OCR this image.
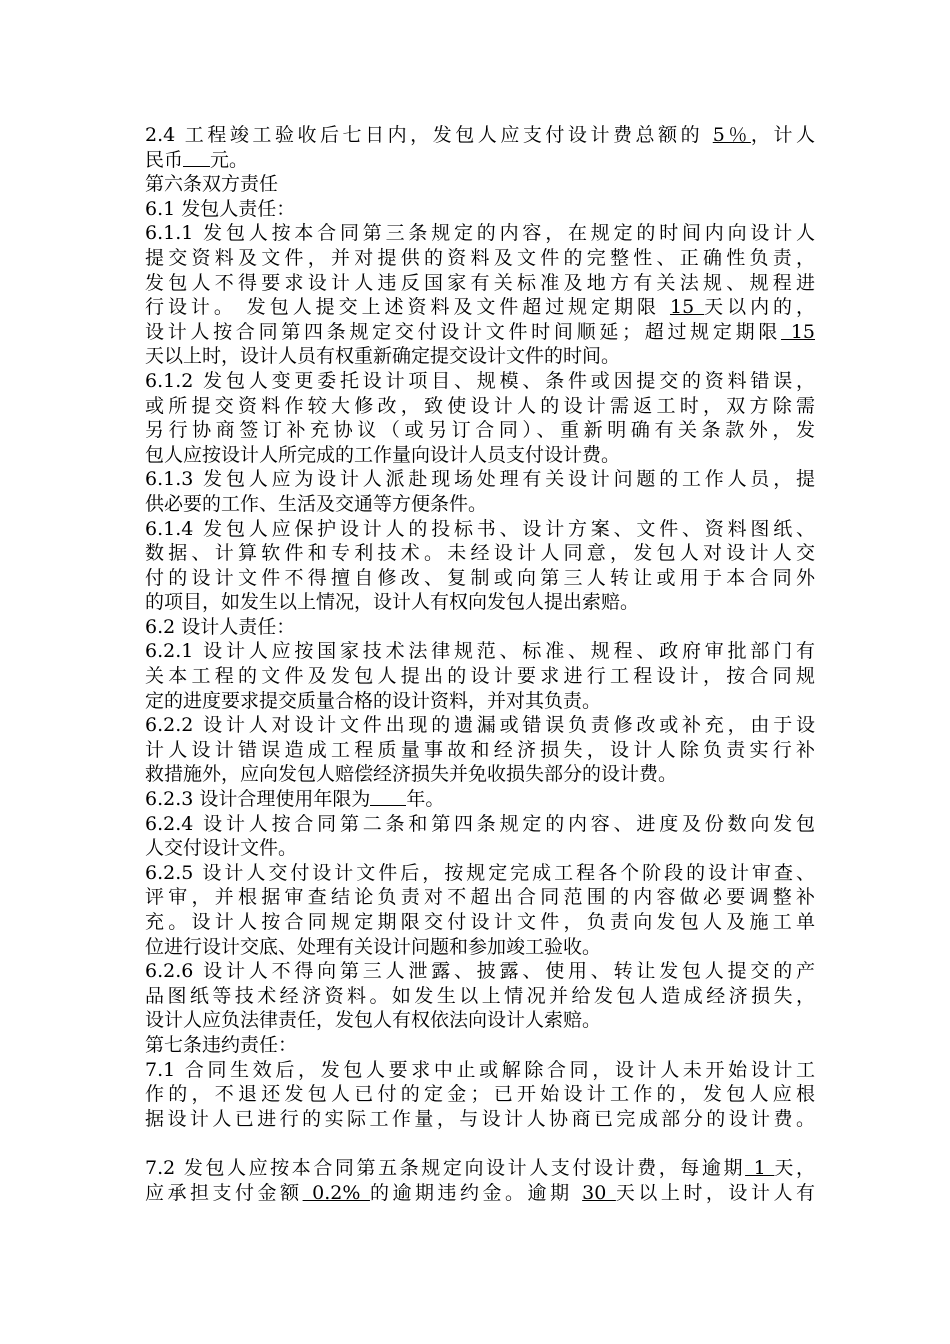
2.4 工程竣工验收后七日内，发包人应支付设计费总额的 5％，计人
民币 元。
第六条双方责任
6.1 发包人责任：
6.1.1 发包人按本合同第三条规定的内容，在规定的时间内向设计人
提交资料及文件，并对提供的资料及文件的完整性、正确性负责，
发包人不得要求设计人违反国家有关标准及地方有关法规、规程进
行设计。 发包人提交上述资料及文件超过规定期限 15 天以内的，
设计人按合同第四条规定交付设计文件时间顺延；超过规定期限 15
天以上时，设计人员有权重新确定提交设计文件的时间。
6.1.2 发包人变更委托设计项目、规模、条件或因提交的资料错误，
或所提交资料作较大修改，致使设计人的设计需返工时，双方除需
另行协商签订补充协议（或另订合同）、重新明确有关条款外，发
包人应按设计人所完成的工作量向设计人员支付设计费。
6.1.3 发包人应为设计人派赴现场处理有关设计问题的工作人员，提
供必要的工作、生活及交通等方便条件。
6.1.4 发包人应保护设计人的投标书、设计方案、文件、资料图纸、
数据、计算软件和专利技术。未经设计人同意，发包人对设计人交
付的设计文件不得擅自修改、复制或向第三人转让或用于本合同外
的项目，如发生以上情况，设计人有权向发包人提出索赔。
6.2 设计人责任：
6.2.1 设计人应按国家技术法律规范、标准、规程、政府审批部门有
关本工程的文件及发包人提出的设计要求进行工程设计，按合同规
定的进度要求提交质量合格的设计资料，并对其负责。
6.2.2 设计人对设计文件出现的遗漏或错误负责修改或补充，由于设
计人设计错误造成工程质量事故和经济损失，设计人除负责实行补
救措施外，应向发包人赔偿经济损失并免收损失部分的设计费。
6.2.3 设计合理使用年限为 年。
6.2.4 设计人按合同第二条和第四条规定的内容、进度及份数向发包
人交付设计文件。
6.2.5 设计人交付设计文件后，按规定完成工程各个阶段的设计审查、
评审，并根据审查结论负责对不超出合同范围的内容做必要调整补
充。设计人按合同规定期限交付设计文件，负责向发包人及施工单
位进行设计交底、处理有关设计问题和参加竣工验收。
6.2.6 设计人不得向第三人泄露、披露、使用、转让发包人提交的产
品图纸等技术经济资料。如发生以上情况并给发包人造成经济损失，
设计人应负法律责任，发包人有权依法向设计人索赔。
第七条违约责任：
7.1 合同生效后，发包人要求中止或解除合同，设计人未开始设计工
作的，不退还发包人已付的定金；已开始设计工作的，发包人应根
据设计人已进行的实际工作量，与设计人协商已完成部分的设计费。
7.2 发包人应按本合同第五条规定向设计人支付设计费，每逾期 1 天，
应承担支付金额 0.2% 的逾期违约金。逾期 30 天以上时，设计人有
